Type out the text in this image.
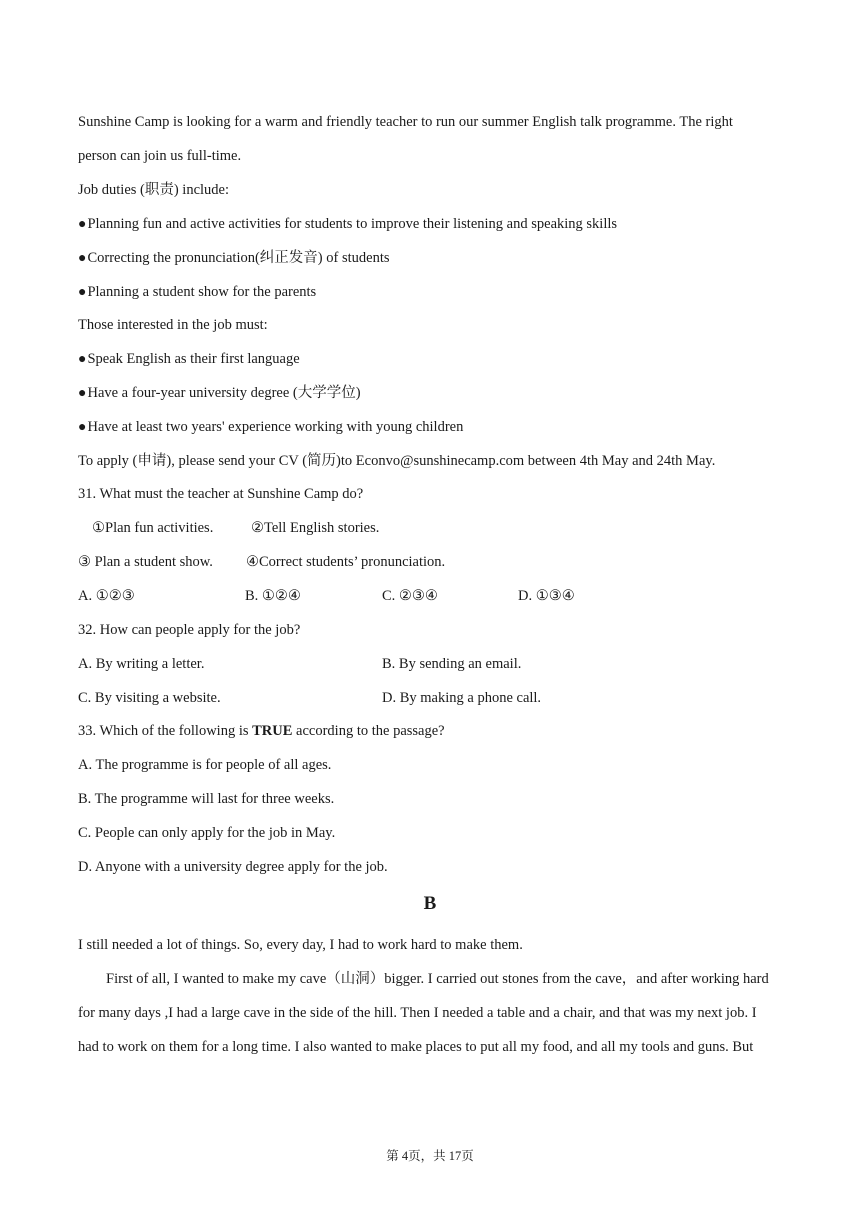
Sunshine Camp is looking for a warm and friendly teacher to run our summer English talk programme. The right
person can join us full-time.
Job duties (职责) include:
● Planning fun and active activities for students to improve their listening and speaking skills
● Correcting the pronunciation(纠正发音) of students
● Planning a student show for the parents
Those interested in the job must:
● Speak English as their first language
● Have a four-year university degree (大学学位)
● Have at least two years' experience working with young children
To apply (申请), please send your CV (简历)to Econvo@sunshinecamp.com between 4th May and 24th May.
31. What must the teacher at Sunshine Camp do?
①Plan fun activities.	②Tell English stories.
③ Plan a student show. ④Correct students’ pronunciation.
A. ①②③	B. ①②④	C. ②③④	D. ①③④
32. How can people apply for the job?
A. By writing a letter.	B. By sending an email.
C. By visiting a website.	D. By making a phone call.
33. Which of the following is TRUE according to the passage?
A. The programme is for people of all ages.
B. The programme will last for three weeks.
C. People can only apply for the job in May.
D. Anyone with a university degree apply for the job.
B
I still needed a lot of things. So, every day, I had to work hard to make them.
First of all, I wanted to make my cave（山洞）bigger. I carried out stones from the cave，and after working hard
for many days ,I had a large cave in the side of the hill. Then I needed a table and a chair, and that was my next job. I
had to work on them for a long time. I also wanted to make places to put all my food, and all my tools and guns. But
第 4页，共 17页
